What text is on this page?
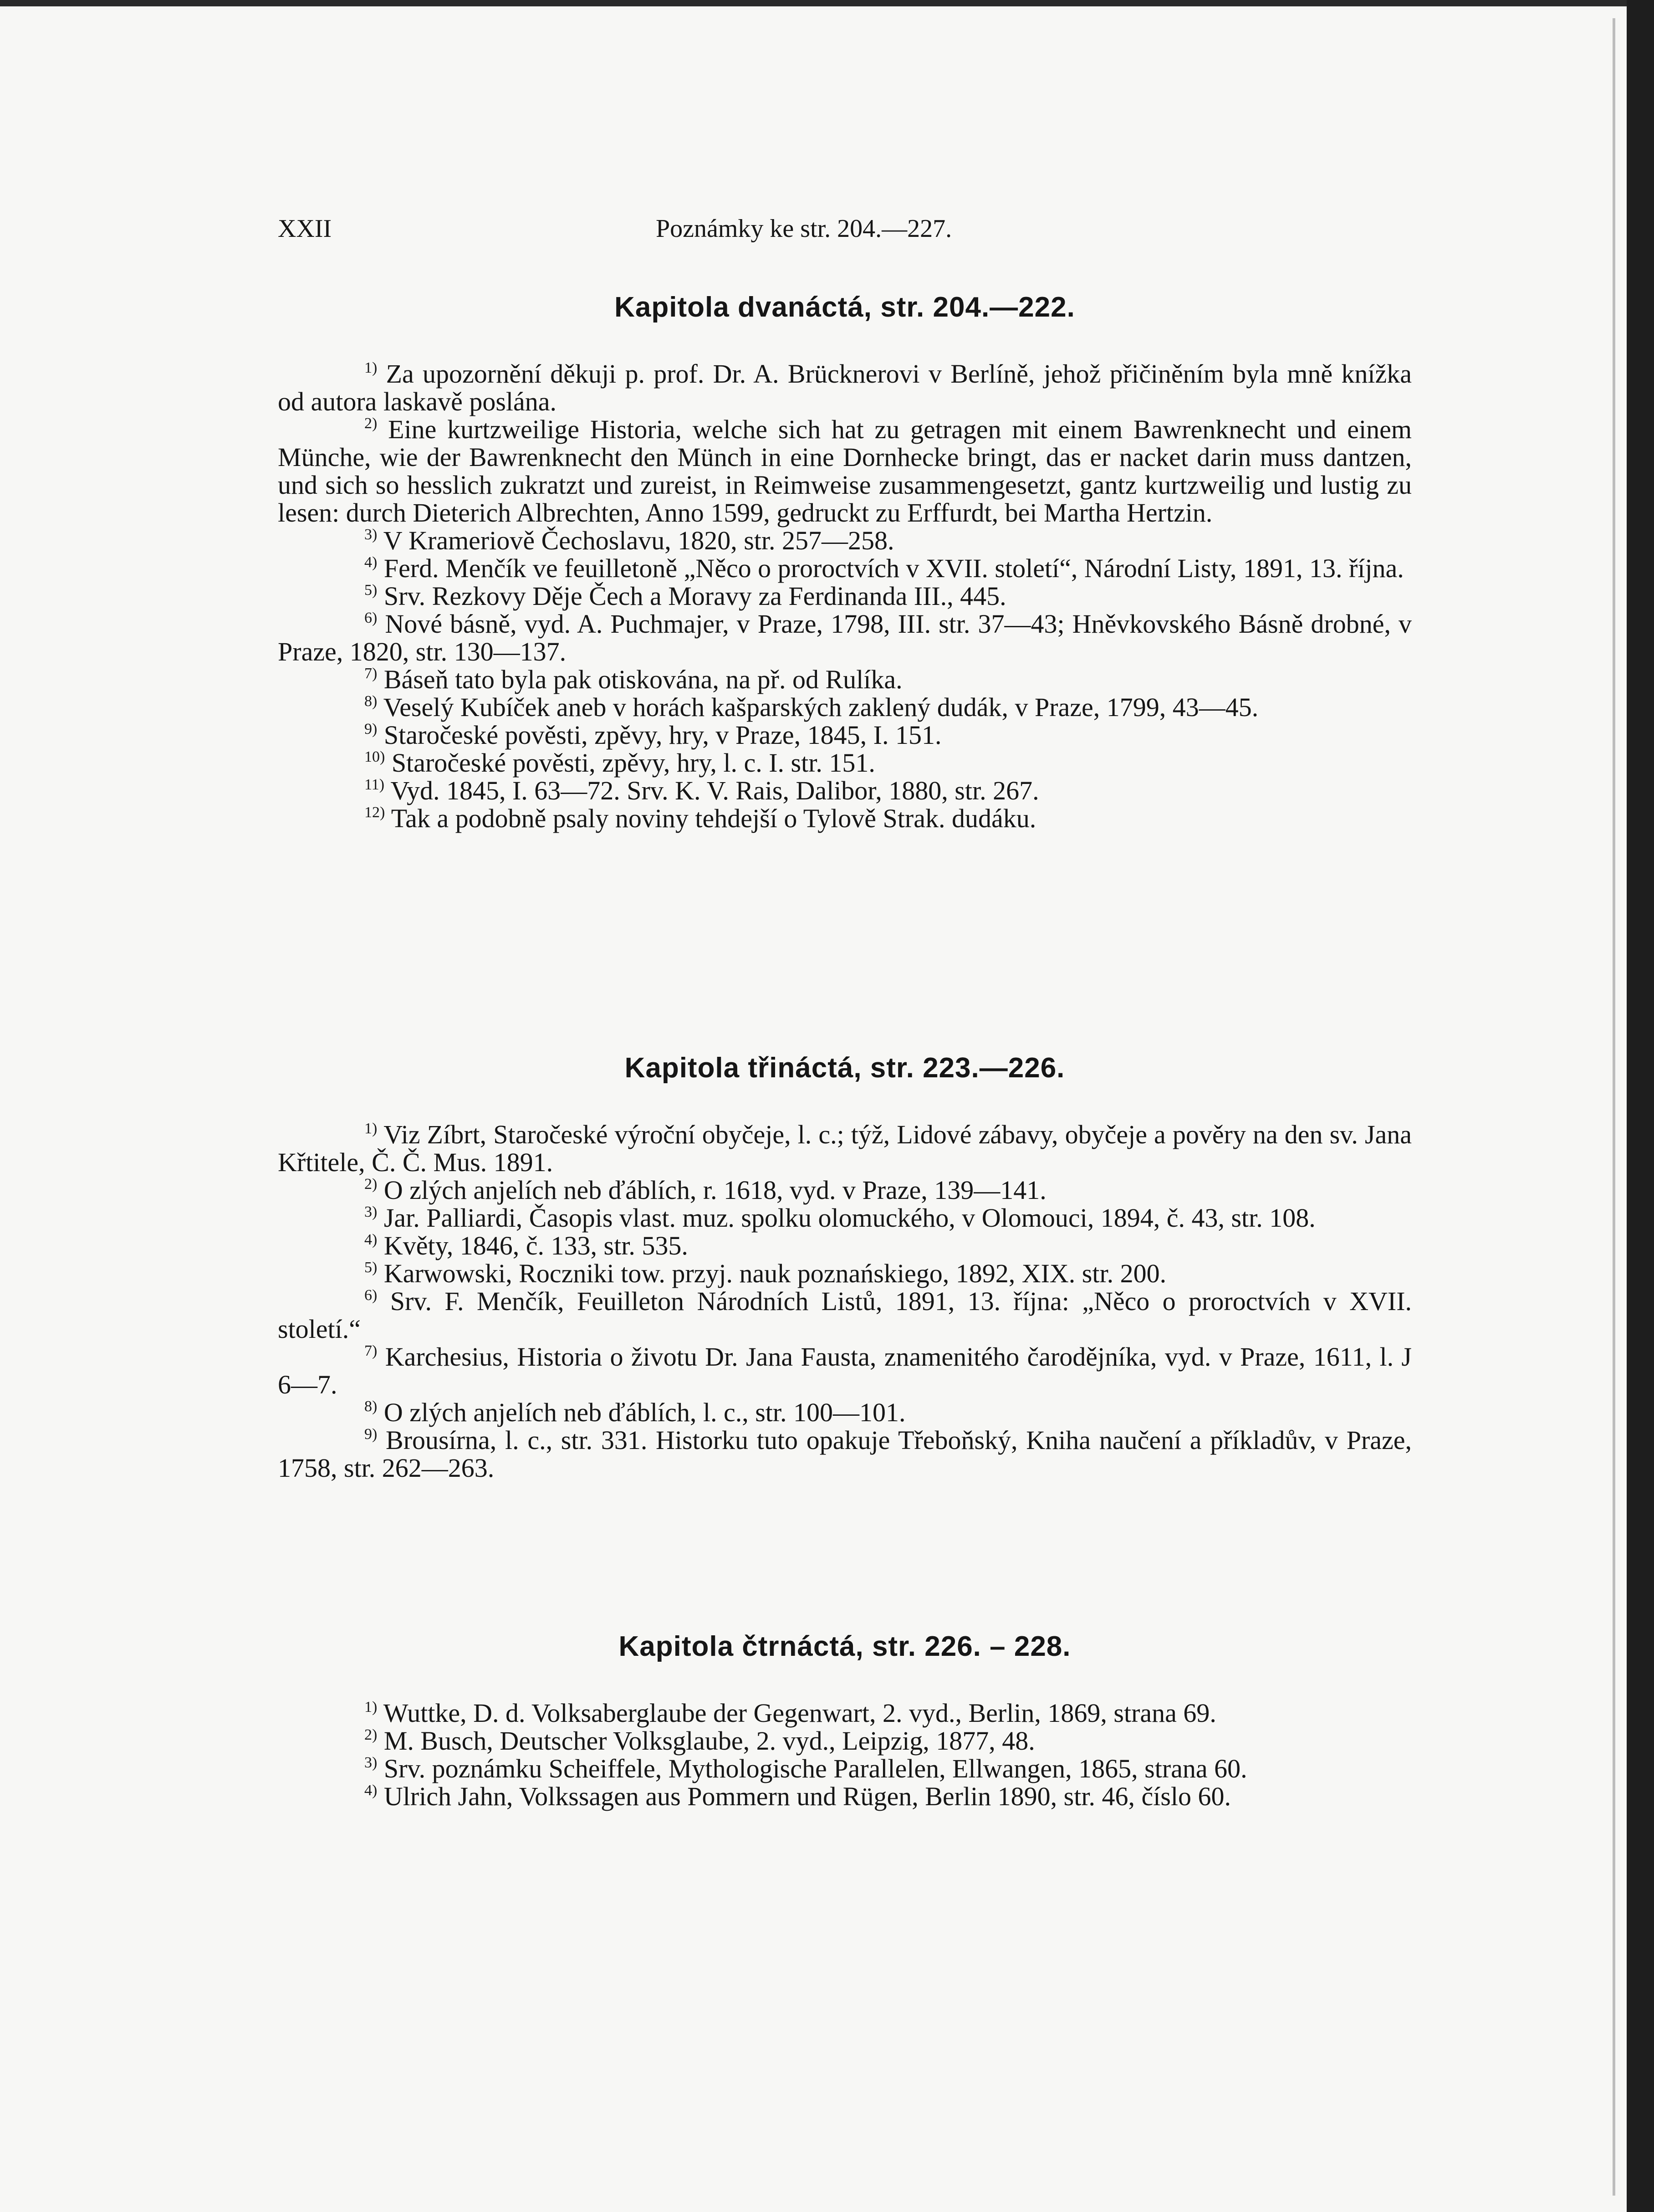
XXII	Poznámky ke str. 204.—227.
Kapitola dvanáctá, str. 204.—222.

$^{1)}$ Za upozornění děkuji p. prof. Dr. A. Brücknerovi v Berlíně, jehož přičiněním byla mně knížka od autora laskavě poslána.

$^{2)}$ Eine kurtzweilige Historia, welche sich hat zu getragen mit einem Bawrenknecht und einem Münche, wie der Bawrenknecht den Münch in eine Dornhecke bringt, das er nacket darin muss dantzen, und sich so hesslich zukratzt und zureist, in Reimweise zusammengesetzt, gantz kurtzweilig und lustig zu lesen: durch Dieterich Albrechten, Anno 1599, gedruckt zu Erffurdt, bei Martha Hertzin.

$^{3)}$ V Krameriově Čechoslavu, 1820, str. 257—258.

$^{4)}$ Ferd. Menčík ve feuilletoně „Něco o proroctvích v XVII. století“, Národní Listy, 1891, 13. října.

$^{5)}$ Srv. Rezkovy Děje Čech a Moravy za Ferdinanda III., 445.

$^{6)}$ Nové básně, vyd. A. Puchmajer, v Praze, 1798, III. str. 37—43; Hněvkovského Básně drobné, v Praze, 1820, str. 130—137.

$^{7)}$ Báseň tato byla pak otiskována, na př. od Rulíka.

$^{8)}$ Veselý Kubíček aneb v horách kašparských zaklený dudák, v Praze, 1799, 43—45.

$^{9)}$ Staročeské pověsti, zpěvy, hry, v Praze, 1845, I. 151.

$^{10)}$ Staročeské pověsti, zpěvy, hry, l. c. I. str. 151.

$^{11)}$ Vyd. 1845, I. 63—72. Srv. K. V. Rais, Dalibor, 1880, str. 267.

$^{12)}$ Tak a podobně psaly noviny tehdejší o Tylově Strak. dudáku.

Kapitola třináctá, str. 223.—226.

$^{1)}$ Viz Zíbrt, Staročeské výroční obyčeje, l. c.; týž, Lidové zábavy, obyčeje a pověry na den sv. Jana Křtitele, Č. Č. Mus. 1891.

$^{2)}$ O zlých anjelích neb ďáblích, r. 1618, vyd. v Praze, 139—141.

$^{3)}$ Jar. Palliardi, Časopis vlast. muz. spolku olomuckého, v Olomouci, 1894, č. 43, str. 108.

$^{4)}$ Květy, 1846, č. 133, str. 535.

$^{5)}$ Karwowski, Roczniki tow. przyj. nauk poznańskiego, 1892, XIX. str. 200.

$^{6)}$ Srv. F. Menčík, Feuilleton Národních Listů, 1891, 13. října: „Něco o proroctvích v XVII. století.“

$^{7)}$ Karchesius, Historia o životu Dr. Jana Fausta, znamenitého čarodějníka, vyd. v Praze, 1611, l. J 6—7.

$^{8)}$ O zlých anjelích neb ďáblích, l. c., str. 100—101.

$^{9)}$ Brousírna, l. c., str. 331. Historku tuto opakuje Třeboňský, Kniha naučení a příkladův, v Praze, 1758, str. 262—263.

Kapitola čtrnáctá, str. 226. – 228.

$^{1)}$ Wuttke, D. d. Volksaberglaube der Gegenwart, 2. vyd., Berlin, 1869, strana 69.

$^{2)}$ M. Busch, Deutscher Volksglaube, 2. vyd., Leipzig, 1877, 48.

$^{3)}$ Srv. poznámku Scheiffele, Mythologische Parallelen, Ellwangen, 1865, strana 60.

$^{4)}$ Ulrich Jahn, Volkssagen aus Pommern und Rügen, Berlin 1890, str. 46, číslo 60.
